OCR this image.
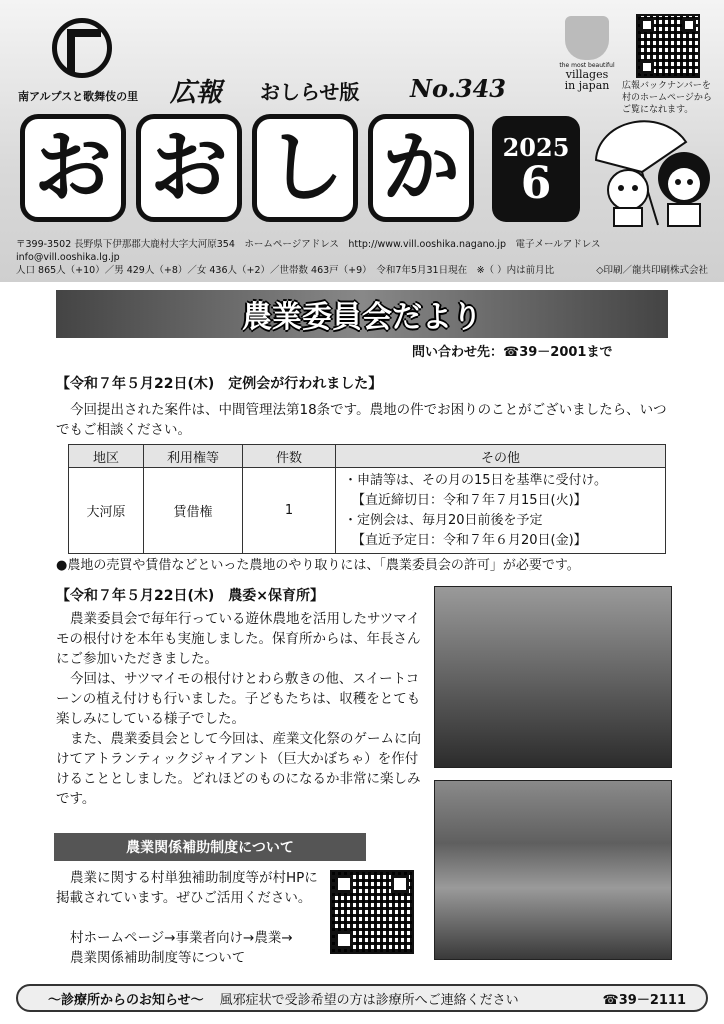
南アルプスと歌舞伎の里 広報 おしらせ版 No.343
お お し か	2025
6
the most beautiful
villages
in japan	広報バックナンバーを村のホームページからご覧になれます。
〒399-3502 長野県下伊那郡大鹿村大字大河原354　ホームページアドレス　http://www.vill.ooshika.nagano.jp　電子メールアドレス　info@vill.ooshika.lg.jp
人口 865人（+10）／男 429人（+8）／女 436人（+2）／世帯数 463戸（+9）　令和7年5月31日現在　※（ ）内は前月比	◇印刷／龍共印刷株式会社
農業委員会だより
問い合わせ先：☎39－2001まで
【令和７年５月22日(木)　定例会が行われました】
今回提出された案件は、中間管理法第18条です。農地の件でお困りのことがございましたら、いつでもご相談ください。
地区	利用権等	件数	その他
大河原	賃借権	1	・申請等は、その月の15日を基準に受付け。
【直近締切日：令和７年７月15日(火)】
・定例会は、毎月20日前後を予定
【直近予定日：令和７年６月20日(金)】
●農地の売買や賃借などといった農地のやり取りには、「農業委員会の許可」が必要です。
【令和７年５月22日(木)　農委×保育所】
農業委員会で毎年行っている遊休農地を活用したサツマイモの根付けを本年も実施しました。保育所からは、年長さんにご参加いただきました。
今回は、サツマイモの根付けとわら敷きの他、スイートコーンの植え付けも行いました。子どもたちは、収穫をとても楽しみにしている様子でした。
また、農業委員会として今回は、産業文化祭のゲームに向けてアトランティックジャイアント（巨大かぼちゃ）を作付けることとしました。どれほどのものになるか非常に楽しみです。
農業関係補助制度について
農業に関する村単独補助制度等が村HPに掲載されています。ぜひご活用ください。
村ホームページ→事業者向け→農業→
農業関係補助制度等について
～診療所からのお知らせ～ 風邪症状で受診希望の方は診療所へご連絡ください	☎39－2111
